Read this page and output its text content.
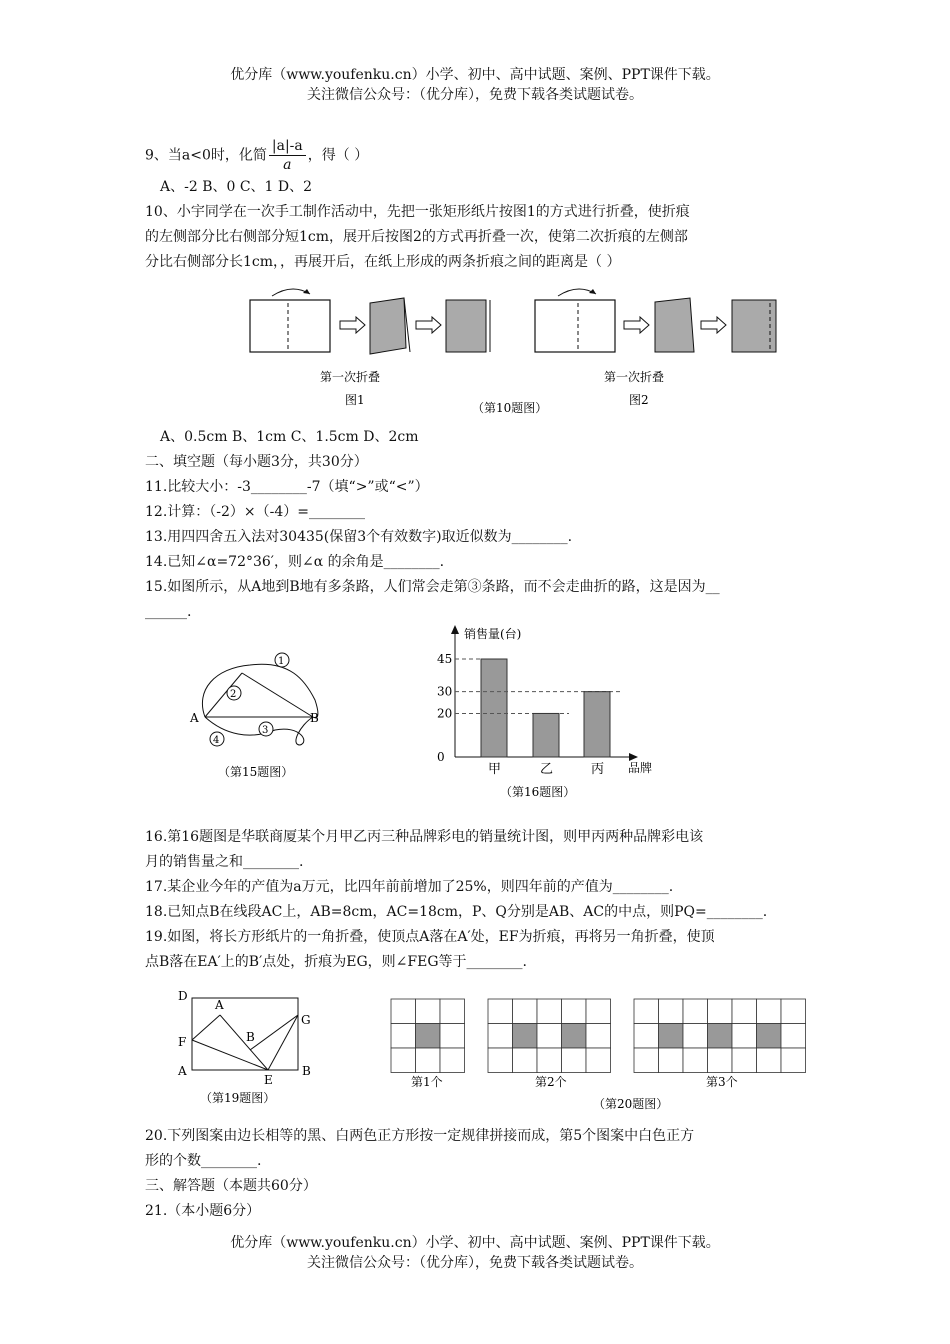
优分库（www.youfenku.cn）小学、初中、高中试题、案例、PPT课件下载。
关注微信公众号：（优分库），免费下载各类试题试卷。
9、当a<0时，化简 $\frac{|a|-a}{a}$ ，得（ ）
A、-2 B、0 C、1 D、2
10、小宇同学在一次手工制作活动中，先把一张矩形纸片按图1的方式进行折叠，使折痕
的左侧部分比右侧部分短1cm，展开后按图2的方式再折叠一次，使第二次折痕的左侧部
分比右侧部分长1cm，，再展开后，在纸上形成的两条折痕之间的距离是（ ）
第一次折叠
图1
第一次折叠
图2
（第10题图）
A、0.5cm B、1cm C、1.5cm D、2cm
二、填空题（每小题3分，共30分）
11.比较大小：-3________-7（填“>”或“<”）
12.计算：（-2）×（-4）=________
13.用四四舍五入法对30435(保留3个有效数字)取近似数为________.
14.已知∠α=72°36′，则∠α 的余角是________.
15.如图所示，从A地到B地有多条路，人们常会走第③条路，而不会走曲折的路，这是因为__
______.
A	B
1
2
3
4
（第15题图）
销售量(台)
品牌
0
20
30
45
甲	乙	丙
（第16题图）
16.第16题图是华联商厦某个月甲乙丙三种品牌彩电的销量统计图，则甲丙两种品牌彩电该
月的销售量之和________.
17.某企业今年的产值为a万元，比四年前前增加了25%，则四年前的产值为________.
18.已知点B在线段AC上，AB=8cm，AC=18cm，P、Q分别是AB、AC的中点，则PQ=________.
19.如图，将长方形纸片的一角折叠，使顶点A落在A′处，EF为折痕，再将另一角折叠，使顶
点B落在EA′上的B′点处，折痕为EG，则∠FEG等于________.
D
A
G
F	B
A
E
B
（第19题图）
第1个	第2个	第3个
（第20题图）
20.下列图案由边长相等的黑、白两色正方形按一定规律拼接而成，第5个图案中白色正方
形的个数________.
三、解答题（本题共60分）
21.（本小题6分）
优分库（www.youfenku.cn）小学、初中、高中试题、案例、PPT课件下载。
关注微信公众号：（优分库），免费下载各类试题试卷。
